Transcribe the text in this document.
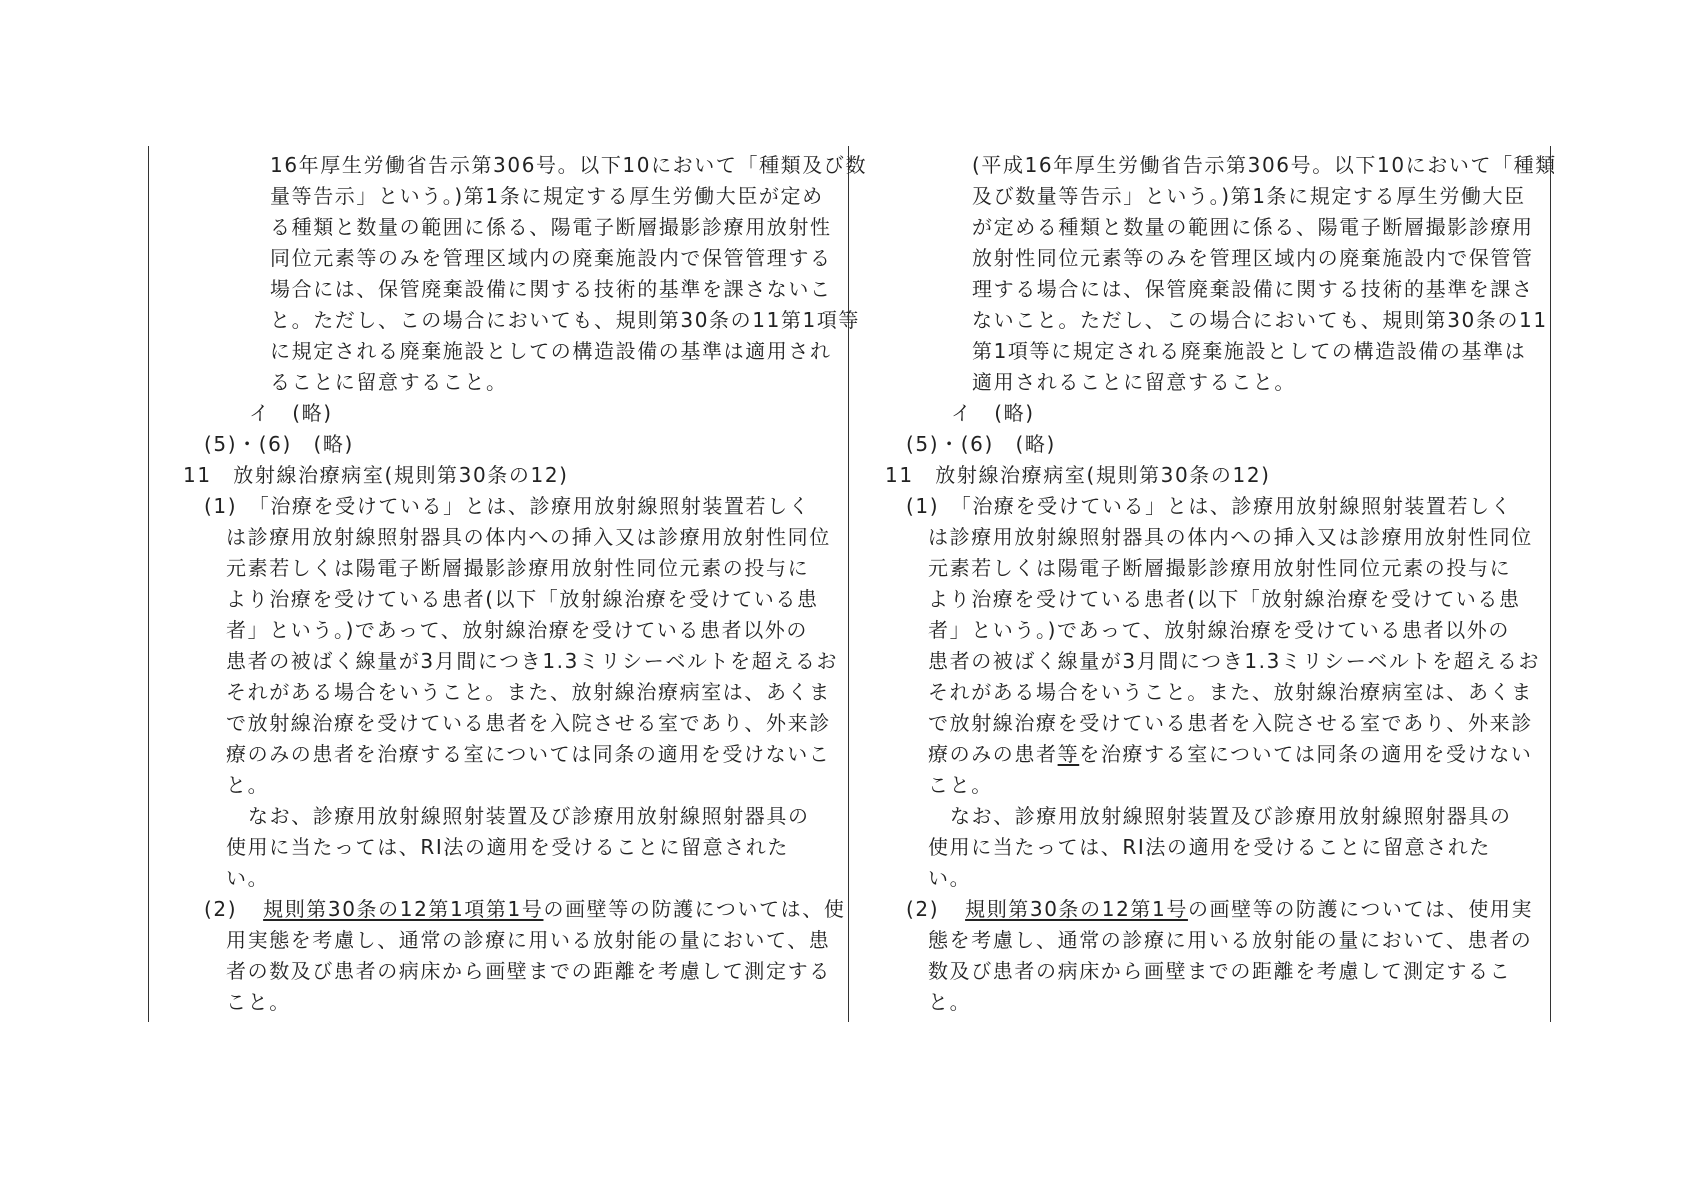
16年厚生労働省告示第306号。以下10において「種類及び数
量等告示」という。)第1条に規定する厚生労働大臣が定め
る種類と数量の範囲に係る、陽電子断層撮影診療用放射性
同位元素等のみを管理区域内の廃棄施設内で保管管理する
場合には、保管廃棄設備に関する技術的基準を課さないこ
と。ただし、この場合においても、規則第30条の11第1項等
に規定される廃棄施設としての構造設備の基準は適用され
ることに留意すること。
イ　(略)
(5)・(6)　(略)
11　放射線治療病室(規則第30条の12)
(1)　「治療を受けている」とは、診療用放射線照射装置若しく
は診療用放射線照射器具の体内への挿入又は診療用放射性同位
元素若しくは陽電子断層撮影診療用放射性同位元素の投与に
より治療を受けている患者(以下「放射線治療を受けている患
者」という。)であって、放射線治療を受けている患者以外の
患者の被ばく線量が3月間につき1.3ミリシーベルトを超えるお
それがある場合をいうこと。また、放射線治療病室は、あくま
で放射線治療を受けている患者を入院させる室であり、外来診
療のみの患者を治療する室については同条の適用を受けないこ
と。
なお、診療用放射線照射装置及び診療用放射線照射器具の
使用に当たっては、RI法の適用を受けることに留意された
い。
(2) 規則第30条の12第1項第1号の画壁等の防護については、使
用実態を考慮し、通常の診療に用いる放射能の量において、患
者の数及び患者の病床から画壁までの距離を考慮して測定する
こと。
(平成16年厚生労働省告示第306号。以下10において「種類
及び数量等告示」という。)第1条に規定する厚生労働大臣
が定める種類と数量の範囲に係る、陽電子断層撮影診療用
放射性同位元素等のみを管理区域内の廃棄施設内で保管管
理する場合には、保管廃棄設備に関する技術的基準を課さ
ないこと。ただし、この場合においても、規則第30条の11
第1項等に規定される廃棄施設としての構造設備の基準は
適用されることに留意すること。
イ　(略)
(5)・(6)　(略)
11　放射線治療病室(規則第30条の12)
(1)　「治療を受けている」とは、診療用放射線照射装置若しく
は診療用放射線照射器具の体内への挿入又は診療用放射性同位
元素若しくは陽電子断層撮影診療用放射性同位元素の投与に
より治療を受けている患者(以下「放射線治療を受けている患
者」という。)であって、放射線治療を受けている患者以外の
患者の被ばく線量が3月間につき1.3ミリシーベルトを超えるお
それがある場合をいうこと。また、放射線治療病室は、あくま
で放射線治療を受けている患者を入院させる室であり、外来診
療のみの患者等を治療する室については同条の適用を受けない
こと。
なお、診療用放射線照射装置及び診療用放射線照射器具の
使用に当たっては、RI法の適用を受けることに留意された
い。
(2) 規則第30条の12第1号の画壁等の防護については、使用実
態を考慮し、通常の診療に用いる放射能の量において、患者の
数及び患者の病床から画壁までの距離を考慮して測定するこ
と。
